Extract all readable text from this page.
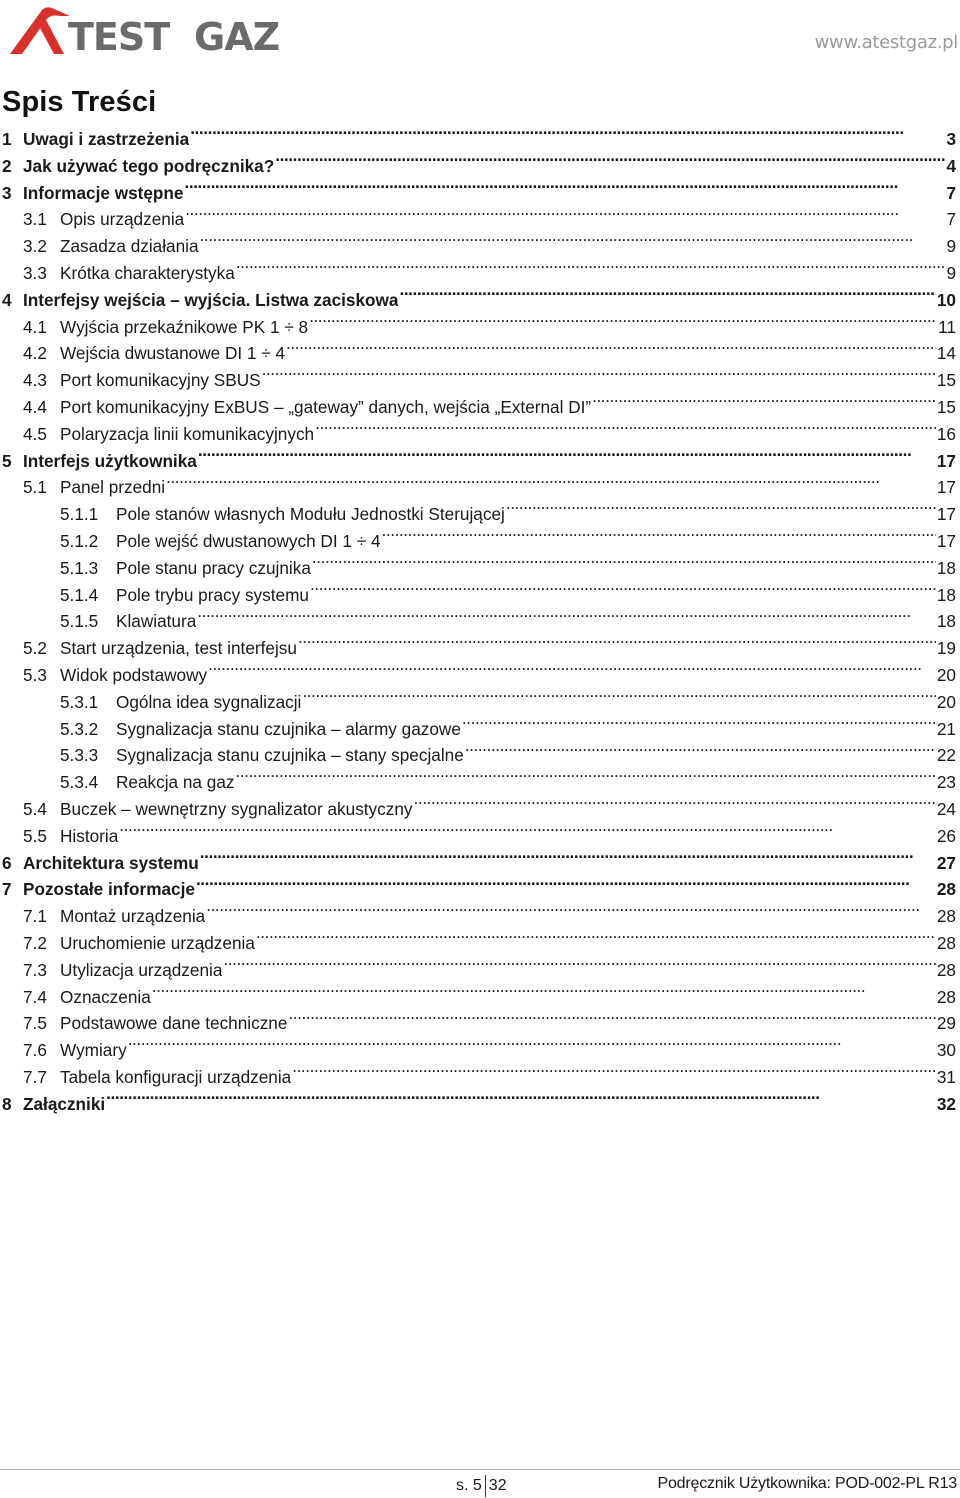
TEST GAZ	www.atestgaz.pl
Spis Treści
1 Uwagi i zastrzeżenia . . .	3
2 Jak używać tego podręcznika? . . .	4
3 Informacje wstępne . . .	7
3.1 Opis urządzenia . . .	7
3.2 Zasadza działania . . .	9
3.3 Krótka charakterystyka . . .	9
4 Interfejsy wejścia – wyjścia. Listwa zaciskowa . . .	10
4.1 Wyjścia przekaźnikowe PK 1 ÷ 8 . . .	11
4.2 Wejścia dwustanowe DI 1 ÷ 4 . . .	14
4.3 Port komunikacyjny SBUS . . .	15
4.4 Port komunikacyjny ExBUS – „gateway” danych, wejścia „External DI” . . .	15
4.5 Polaryzacja linii komunikacyjnych . . .	16
5 Interfejs użytkownika . . .	17
5.1 Panel przedni . . .	17
5.1.1	Pole stanów własnych Modułu Jednostki Sterującej . . .	17
5.1.2	Pole wejść dwustanowych DI 1 ÷ 4 . . .	17
5.1.3	Pole stanu pracy czujnika . . .	18
5.1.4	Pole trybu pracy systemu . . .	18
5.1.5	Klawiatura . . .	18
5.2 Start urządzenia, test interfejsu . . .	19
5.3 Widok podstawowy . . .	20
5.3.1	Ogólna idea sygnalizacji . . .	20
5.3.2	Sygnalizacja stanu czujnika – alarmy gazowe . . .	21
5.3.3	Sygnalizacja stanu czujnika – stany specjalne . . .	22
5.3.4	Reakcja na gaz . . .	23
5.4 Buczek – wewnętrzny sygnalizator akustyczny . . .	24
5.5 Historia . . .	26
6 Architektura systemu . . .	27
7 Pozostałe informacje . . .	28
7.1 Montaż urządzenia . . .	28
7.2 Uruchomienie urządzenia . . .	28
7.3 Utylizacja urządzenia . . .	28
7.4 Oznaczenia . . .	28
7.5 Podstawowe dane techniczne . . .	29
7.6 Wymiary . . .	30
7.7 Tabela konfiguracji urządzenia . . .	31
8 Załączniki . . .	32
s. 5 32	Podręcznik Użytkownika: POD-002-PL R13
